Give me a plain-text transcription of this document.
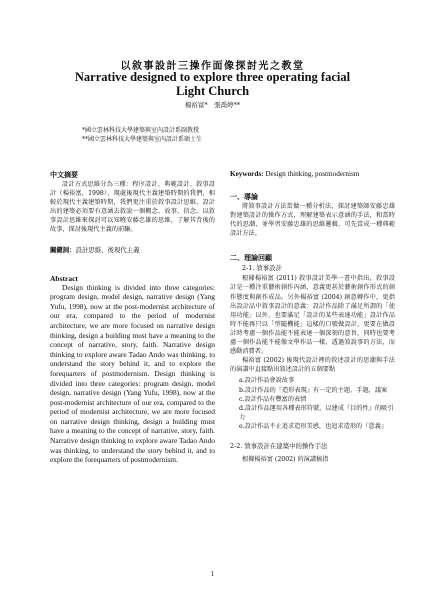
以敘事設計三操作面像探討光之教堂
Narrative designed to explore three operating facial Light Church
楊裕富*　張喬婷**
*國立雲林科技大學建築與室內設計系副教授
**國立雲林科技大學建築與室內設計系碩士生

中文摘要

設計方式思維分為三種：程序設計、典範設計、敘事設計（楊裕富，1998），現處後現代主義建築時期的我們，相較於現代主義建築時期，我們更注重於敘事設計思維，設計出的建築必須要有意涵去敘說一個概念、故事、信念。以敘事設計思維來探討可以知曉安藤忠雄的思維，了解其背後的故事，探討後現代主義的前驅。

關鍵詞：設計思維、後現代主義

Abstract

Design thinking is divided into three categories: program design, model design, narrative design (Yang Yufu, 1998), now at the post-modernist architecture of our era, compared to the period of modernist architecture, we are more focused on narrative design thinking, design a building must have a meaning to the concept of narrative, story, faith. Narrative design thinking to explore aware Tadao Ando was thinking, to understand the story behind it, and to explore the forequarters of postmodernism. Design thinking is divided into three categories: program design, model design, narrative design (Yang Yufu, 1998), now at the post-modernist architecture of our era, compared to the period of modernist architecture, we are more focused on narrative design thinking, design a building must have a meaning to the concept of narrative, story, faith. Narrative design thinking to explore aware Tadao Ando was thinking, to understand the story behind it, and to explore the forequarters of postmodernism.

Keywords: Design thinking, postmodernism

一、導論

將敘事設計方法當做一種分析法，探討建築師安藤忠雄對建築設計的操作方式，理解建築表示意涵的手法，和當時代的思潮，並學習安藤忠雄的思維邏輯，可先當成一種典範設計方法。

二、理論回顧

2-1. 敘事設計

根據楊裕富 (2011) 敘事設計美學一書中指出，敘事設計是一種注重藝術創作內涵，意義更甚於藝術創作形式的創作態度與創作成品。另外楊裕富 (2004) 創意轉作中，更指出設計品中敘事設計的意義：設計作品除了滿足所謂的「使用功能」以外，也要滿足「設計的某些表達功能」設計作品時不能再只以「型隨機能」這樣的口號做設計，更要在做設計時考慮一個作品能不能表達一個深刻的意旨，同時也要考慮一個作品能不能像文學作品一樣，透過敘說事的方法，而感動消費者。

楊裕富 (2002) 後現代設計裡的敘述設計的思潮與手法的演講中直接點出敘述設計的五個要點

a.設計作品會說故事
b.設計作品的『造形表現』有一定的主題、手題，議案
c.設計作品有豐富的表情
d.設計作品運用各種表形符號，以建成『目的性』的吸引力
e.設計作品不止追求造形美感，也追求造形的『意義』

2-2. 敘事設計在建築中的操作手法

根據楊裕富 (2002) 的演講稿指

1
